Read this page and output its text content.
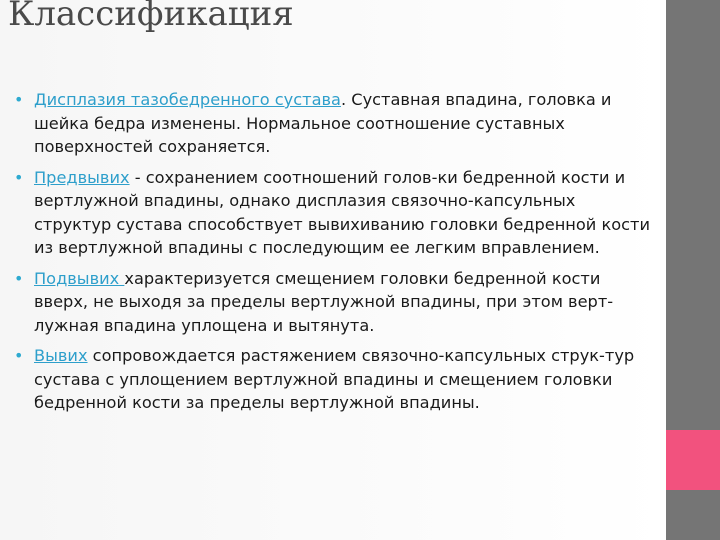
Классификация
• Дисплазия тазобедренного сустава. Суставная впадина, головка и шейка бедра изменены. Нормальное соотношение суставных поверхностей сохраняется.
• Предвывих - сохранением соотношений голов-ки бедренной кости и вертлужной впадины, однако дисплазия связочно-капсульных структур сустава способствует вывихиванию головки бедренной кости из вертлужной впадины с последующим ее легким вправлением.
• Подвывих характеризуется смещением головки бедренной кости вверх, не выходя за пределы вертлужной впадины, при этом верт-лужная впадина уплощена и вытянута.
• Вывих сопровождается растяжением связочно-капсульных струк-тур сустава с уплощением вертлужной впадины и смещением головки бедренной кости за пределы вертлужной впадины.
